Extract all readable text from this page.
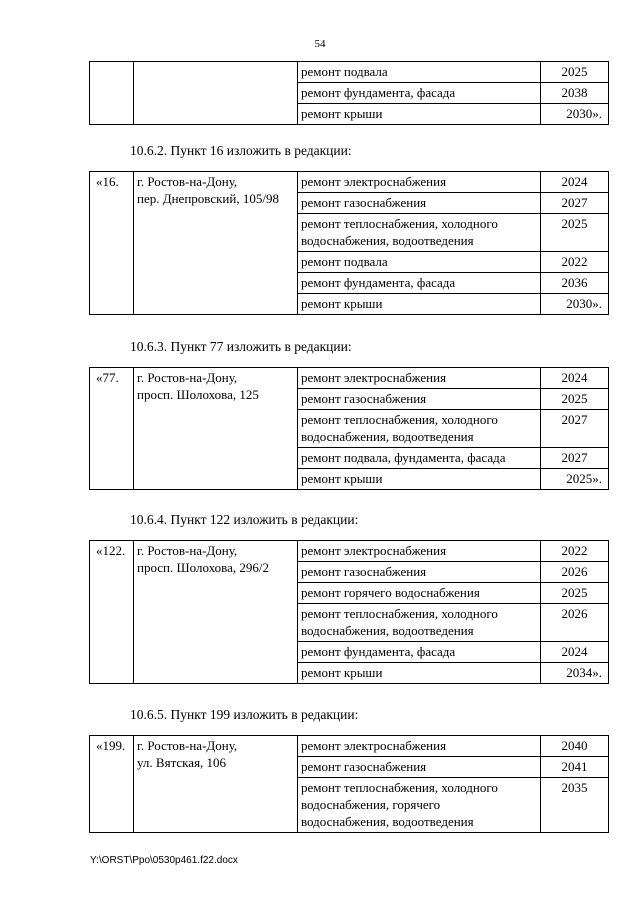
54
		ремонт подвала	2025
		ремонт фундамента, фасада	2038
		ремонт крыши	2030».
10.6.2. Пункт 16 изложить в редакции:
«16.	г. Ростов-на-Дону,
пер. Днепровский, 105/98	ремонт электроснабжения	2024
		ремонт газоснабжения	2027
		ремонт теплоснабжения, холодного
водоснабжения, водоотведения	2025
		ремонт подвала	2022
		ремонт фундамента, фасада	2036
		ремонт крыши	2030».
10.6.3. Пункт 77 изложить в редакции:
«77.	г. Ростов-на-Дону,
просп. Шолохова, 125	ремонт электроснабжения	2024
		ремонт газоснабжения	2025
		ремонт теплоснабжения, холодного
водоснабжения, водоотведения	2027
		ремонт подвала, фундамента, фасада	2027
		ремонт крыши	2025».
10.6.4. Пункт 122 изложить в редакции:
«122.	г. Ростов-на-Дону,
просп. Шолохова, 296/2	ремонт электроснабжения	2022
		ремонт газоснабжения	2026
		ремонт горячего водоснабжения	2025
		ремонт теплоснабжения, холодного
водоснабжения, водоотведения	2026
		ремонт фундамента, фасада	2024
		ремонт крыши	2034».
10.6.5. Пункт 199 изложить в редакции:
«199.	г. Ростов-на-Дону,
ул. Вятская, 106	ремонт электроснабжения	2040
		ремонт газоснабжения	2041
		ремонт теплоснабжения, холодного
водоснабжения, горячего
водоснабжения, водоотведения	2035
Y:\ORST\Ppo\0530p461.f22.docx
